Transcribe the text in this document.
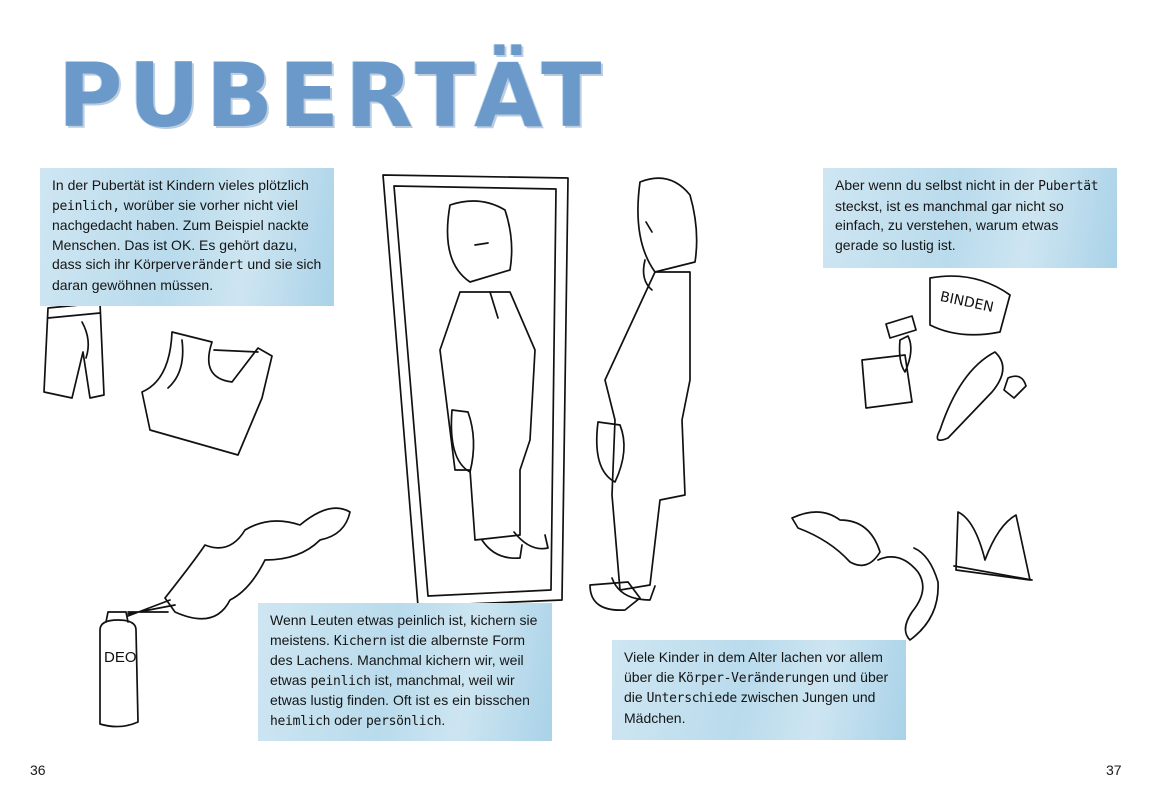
PUBERTÄT
DEO
BINDEN
In der Pubertät ist Kindern vieles plötzlich peinlich, worüber sie vorher nicht viel nachgedacht haben. Zum Beispiel nackte Menschen. Das ist OK. Es gehört dazu, dass sich ihr Körperverändert und sie sich daran gewöhnen müssen.
Aber wenn du selbst nicht in der Pubertät steckst, ist es manchmal gar nicht so einfach, zu verstehen, warum etwas gerade so lustig ist.
Wenn Leuten etwas peinlich ist, kichern sie meistens. Kichern ist die albernste Form des Lachens. Manchmal kichern wir, weil etwas peinlich ist, manchmal, weil wir etwas lustig finden. Oft ist es ein bisschen heimlich oder persönlich.
Viele Kinder in dem Alter lachen vor allem über die Körper-Veränderungen und über die Unterschiede zwischen Jungen und Mädchen.
36	37
